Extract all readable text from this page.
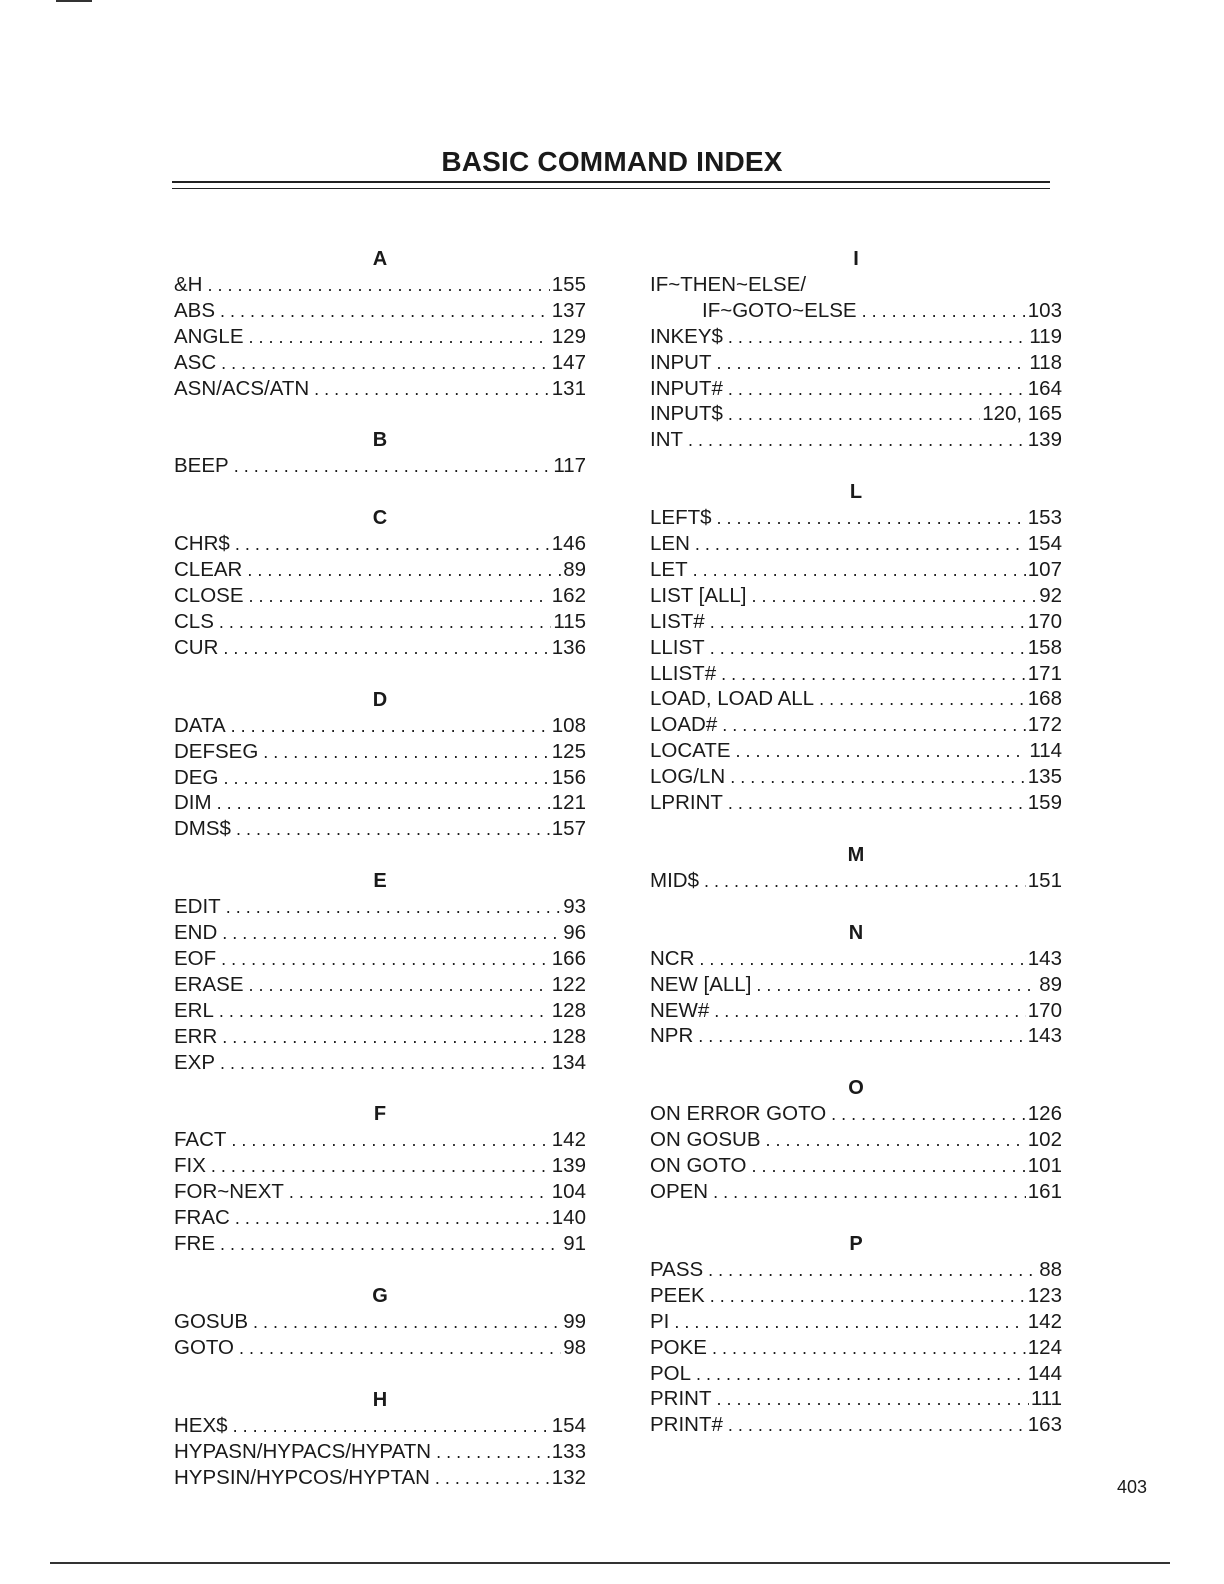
BASIC COMMAND INDEX
A
&H . . .	155
ABS . . .	137
ANGLE . . .	129
ASC . . .	147
ASN/ACS/ATN . . .	131
B
BEEP . . .	117
C
CHR$ . . .	146
CLEAR . . .	89
CLOSE . . .	162
CLS . . .	115
CUR . . .	136
D
DATA . . .	108
DEFSEG . . .	125
DEG . . .	156
DIM . . .	121
DMS$ . . .	157
E
EDIT . . .	93
END . . .	96
EOF . . .	166
ERASE . . .	122
ERL . . .	128
ERR . . .	128
EXP . . .	134
F
FACT . . .	142
FIX . . .	139
FOR~NEXT . . .	104
FRAC . . .	140
FRE . . .	91
G
GOSUB . . .	99
GOTO . . .	98
H
HEX$ . . .	154
HYPASN/HYPACS/HYPATN . . .	133
HYPSIN/HYPCOS/HYPTAN . . .	132
I
IF~THEN~ELSE/
IF~GOTO~ELSE . . .	103
INKEY$ . . .	119
INPUT . . .	118
INPUT# . . .	164
INPUT$ . . .	120, 165
INT . . .	139
L
LEFT$ . . .	153
LEN . . .	154
LET . . .	107
LIST [ALL] . . .	92
LIST# . . .	170
LLIST . . .	158
LLIST# . . .	171
LOAD, LOAD ALL . . .	168
LOAD# . . .	172
LOCATE . . .	114
LOG/LN . . .	135
LPRINT . . .	159
M
MID$ . . .	151
N
NCR . . .	143
NEW [ALL] . . .	89
NEW# . . .	170
NPR . . .	143
O
ON ERROR GOTO . . .	126
ON GOSUB . . .	102
ON GOTO . . .	101
OPEN . . .	161
P
PASS . . .	88
PEEK . . .	123
PI . . .	142
POKE . . .	124
POL . . .	144
PRINT . . .	111
PRINT# . . .	163
403
